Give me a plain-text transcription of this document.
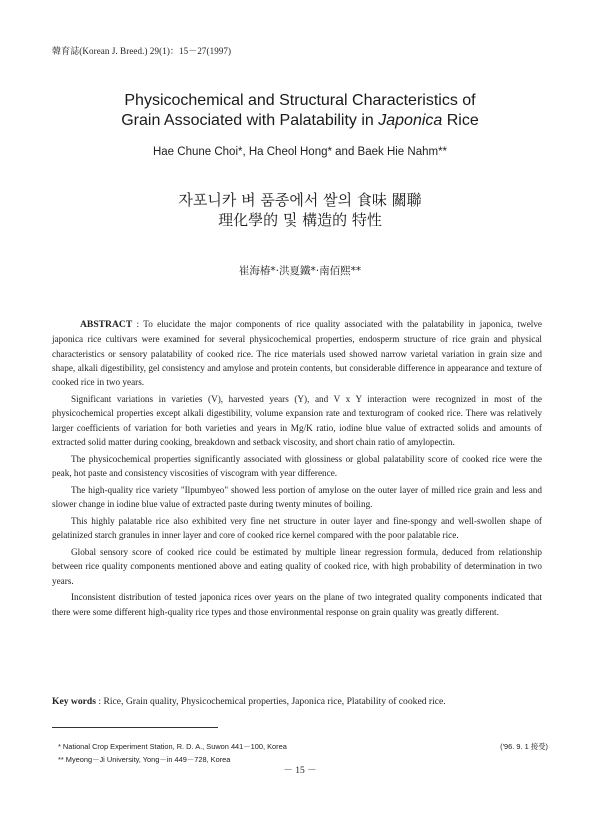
韓育誌(Korean J. Breed.) 29(1)：15－27(1997)
Physicochemical and Structural Characteristics of
Grain Associated with Palatability in Japonica Rice
Hae Chune Choi*, Ha Cheol Hong* and Baek Hie Nahm**
자포니카 벼 품종에서 쌀의 食味 關聯
理化學的 및 構造的 特性
崔海椿*·洪夏鐵*·南佰熙**

ABSTRACT : To elucidate the major components of rice quality associated with the palatability in japonica, twelve japonica rice cultivars were examined for several physicochemical properties, endosperm structure of rice grain and physical characteristics or sensory palatability of cooked rice. The rice materials used showed narrow varietal variation in grain size and shape, alkali digestibility, gel consistency and amylose and protein contents, but considerable difference in appearance and texture of cooked rice in two years.

Significant variations in varieties (V), harvested years (Y), and V x Y interaction were recognized in most of the physicochemical properties except alkali digestibility, volume expansion rate and texturogram of cooked rice. There was relatively larger coefficients of variation for both varieties and years in Mg/K ratio, iodine blue value of extracted solids and amounts of extracted solid matter during cooking, breakdown and setback viscosity, and short chain ratio of amylopectin.

The physicochemical properties significantly associated with glossiness or global palatability score of cooked rice were the peak, hot paste and consistency viscosities of viscogram with year difference.

The high-quality rice variety "Ilpumbyeo" showed less portion of amylose on the outer layer of milled rice grain and less and slower change in iodine blue value of extracted paste during twenty minutes of boiling.

This highly palatable rice also exhibited very fine net structure in outer layer and fine-spongy and well-swollen shape of gelatinized starch granules in inner layer and core of cooked rice kernel compared with the poor palatable rice.

Global sensory score of cooked rice could be estimated by multiple linear regression formula, deduced from relationship between rice quality components mentioned above and eating quality of cooked rice, with high probability of determination in two years.

Inconsistent distribution of tested japonica rices over years on the plane of two integrated quality components indicated that there were some different high-quality rice types and those environmental response on grain quality was greatly different.

Key words : Rice, Grain quality, Physicochemical properties, Japonica rice, Platability of cooked rice.
* National Crop Experiment Station, R. D. A., Suwon 441－100, Korea	('96. 9. 1 接受)
** Myeong－Ji University, Yong－in 449－728, Korea
－ 15 －
